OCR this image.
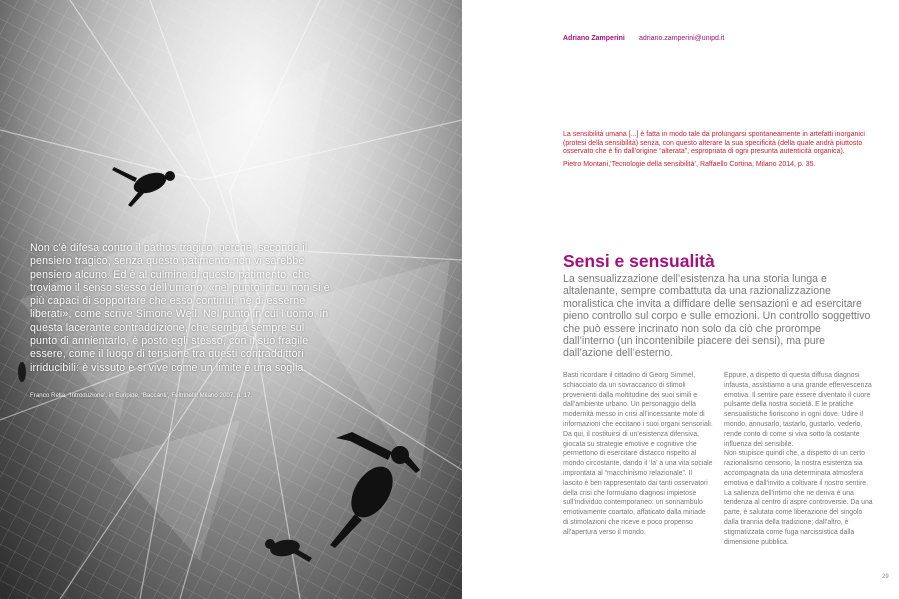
Non c’è difesa contro il pathos tragico, perché, secondo il pensiero tragico, senza questo patimento non vi sarebbe pensiero alcuno. Ed è al culmine di questo patimento, che troviamo il senso stesso dell’umano: «nel punto in cui non si è più capaci di sopportare che esso continui, né di esserne liberati», come scrive Simone Weil. Nel punto in cui l’uomo, in questa lacerante contraddizione, che sembra sempre sul punto di annientarlo, è posto egli stesso, con il suo fragile essere, come il luogo di tensione tra questi contraddittori irriducibili: è vissuto e si vive come un limite e una soglia.

Franco Rella, ‘Introduzione’, in Euripide, ‘Baccanti’, Feltrinelli, Milano 2007, p. 17.
Adriano Zamperini adriano.zamperini@unipd.it

La sensibilità umana [...] è fatta in modo tale da prolungarsi spontaneamente in artefatti inorganici (protesi della sensibilità) senza, con questo alterare la sua specificità (della quale andrà piuttosto osservato che è fin dall’origine “alterata”, espropriata di ogni presunta autenticità organica).

Pietro Montani,‘Tecnologie della sensibilità’, Raffaello Cortina, Milano 2014, p. 35.

Sensi e sensualità

La sensualizzazione dell’esistenza ha una storia lunga e altalenante, sempre combattuta da una razionalizzazione moralistica che invita a diffidare delle sensazioni e ad esercitare pieno controllo sul corpo e sulle emozioni. Un controllo soggettivo che può essere incrinato non solo da ciò che prorompe dall’interno (un incontenibile piacere dei sensi), ma pure dall’azione dell’esterno.

Basti ricordare il cittadino di Georg Simmel, schiacciato da un sovraccarico di stimoli provenienti dalla moltitudine dei suoi simili e dall’ambiente urbano. Un personaggio della modernità messo in crisi all’incessante mole di informazioni che eccitano i suoi organi sensoriali. Da qui, il costituirsi di un’esistenza difensiva, giocata su strategie emotive e cognitive che permettono di esercitare distacco rispetto al mondo circostante, dando il ‘la’ a una vita sociale improntata al “macchinismo relazionale”. Il lascito è ben rappresentato dai tanti osservatori della crisi che formulano diagnosi impietose sull’individuo contemporaneo: un sonnambulo emotivamente coartato, affaticato dalla miriade di stimolazioni che riceve e poco propenso all’apertura verso il mondo.

Eppure, a dispetto di questa diffusa diagnosi infausta, assistiamo a una grande effervescenza emotiva. Il sentire pare essere diventato il cuore pulsante della nostra società. E le pratiche sensualistiche fioriscono in ogni dove. Udire il mondo, annusarlo, tastarlo, gustarlo, vederlo, rende conto di come si viva sotto la costante influenza del sensibile.

Non stupisce quindi che, a dispetto di un certo razionalismo censorio, la nostra esistenza sia accompagnata da una determinata atmosfera emotiva e dall’invito a coltivare il nostro sentire. La salienza dell’intimo che ne deriva è una tendenza al centro di aspre controversie. Da una parte, è salutata come liberazione del singolo dalla tirannia della tradizione; dall’altro, è stigmatizzata come fuga narcissistica dalla dimensione pubblica.

29
